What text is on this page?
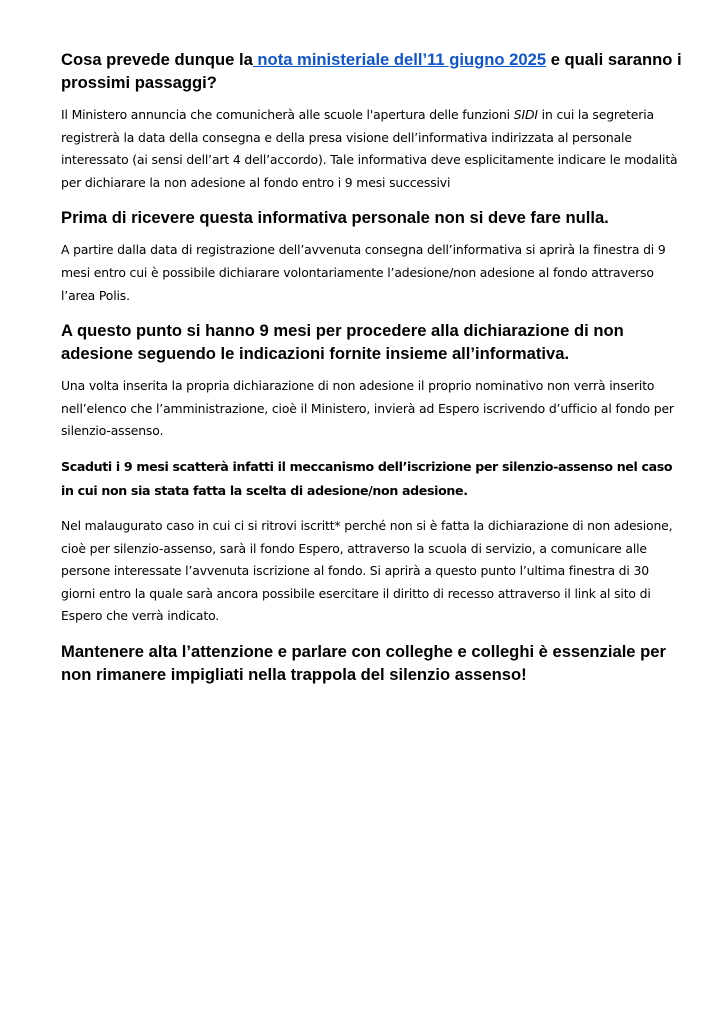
Cosa prevede dunque la nota ministeriale dell’11 giugno 2025 e quali saranno i prossimi passaggi?

Il Ministero annuncia che comunicherà alle scuole l'apertura delle funzioni SIDI in cui la segreteria registrerà la data della consegna e della presa visione dell’informativa indirizzata al personale interessato (ai sensi dell’art 4 dell’accordo). Tale informativa deve esplicitamente indicare le modalità per dichiarare la non adesione al fondo entro i 9 mesi successivi

Prima di ricevere questa informativa personale non si deve fare nulla.

A partire dalla data di registrazione dell’avvenuta consegna dell’informativa si aprirà la finestra di 9 mesi entro cui è possibile dichiarare volontariamente l’adesione/non adesione al fondo attraverso l’area Polis.

A questo punto si hanno 9 mesi per procedere alla dichiarazione di non adesione seguendo le indicazioni fornite insieme all’informativa.

Una volta inserita la propria dichiarazione di non adesione il proprio nominativo non verrà inserito nell’elenco che l’amministrazione, cioè il Ministero, invierà ad Espero iscrivendo d’ufficio al fondo per silenzio-assenso.

Scaduti i 9 mesi scatterà infatti il meccanismo dell’iscrizione per silenzio-assenso nel caso in cui non sia stata fatta la scelta di adesione/non adesione.

Nel malaugurato caso in cui ci si ritrovi iscritt* perché non si è fatta la dichiarazione di non adesione, cioè per silenzio-assenso, sarà il fondo Espero, attraverso la scuola di servizio, a comunicare alle persone interessate l’avvenuta iscrizione al fondo. Si aprirà a questo punto l’ultima finestra di 30 giorni entro la quale sarà ancora possibile esercitare il diritto di recesso attraverso il link al sito di Espero che verrà indicato.

Mantenere alta l’attenzione e parlare con colleghe e colleghi è essenziale per non rimanere impigliati nella trappola del silenzio assenso!
